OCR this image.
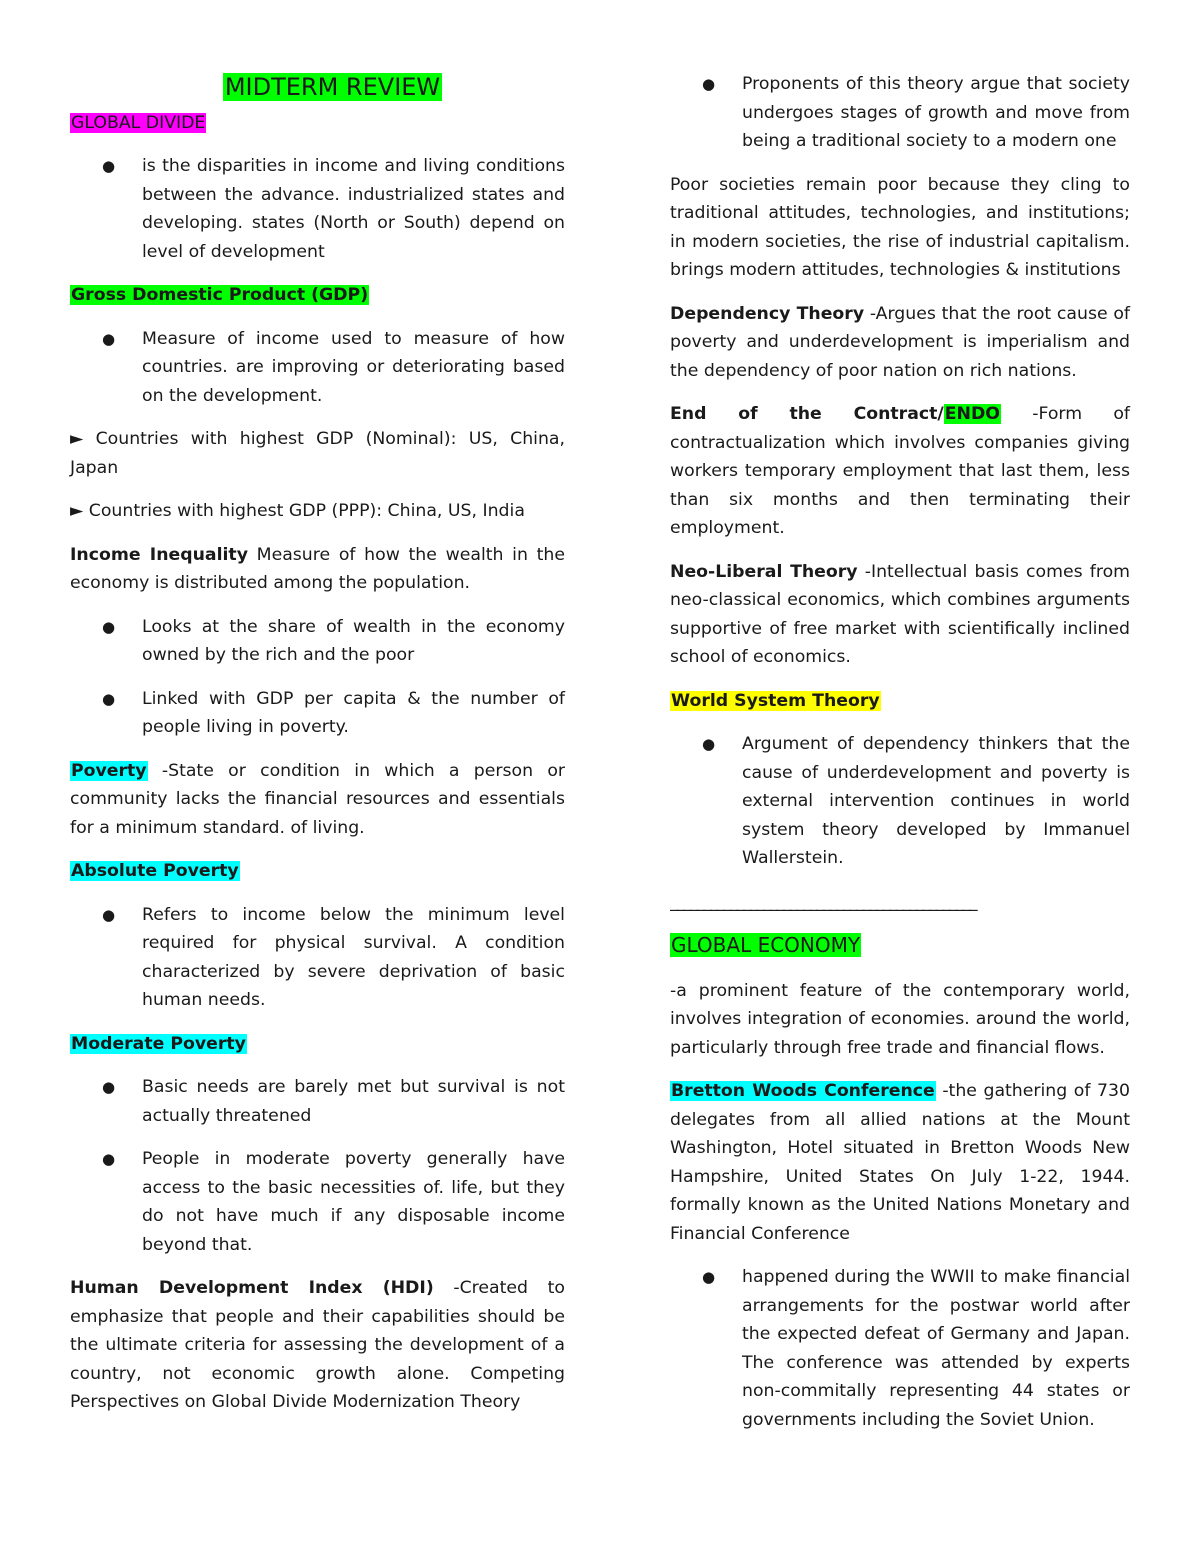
MIDTERM REVIEW
GLOBAL DIVIDE
● is the disparities in income and living conditions between the advance. industrialized states and developing. states (North or South) depend on level of development
Gross Domestic Product (GDP)
● Measure of income used to measure of how countries. are improving or deteriorating based on the development.

► Countries with highest GDP (Nominal): US, China, Japan

► Countries with highest GDP (PPP): China, US, India

Income Inequality Measure of how the wealth in the economy is distributed among the population.

● Looks at the share of wealth in the economy owned by the rich and the poor
● Linked with GDP per capita & the number of people living in poverty.

Poverty -State or condition in which a person or community lacks the financial resources and essentials for a minimum standard. of living.

Absolute Poverty
● Refers to income below the minimum level required for physical survival. A condition characterized by severe deprivation of basic human needs.
Moderate Poverty
● Basic needs are barely met but survival is not actually threatened
● People in moderate poverty generally have access to the basic necessities of. life, but they do not have much if any disposable income beyond that.

Human Development Index (HDI) -Created to emphasize that people and their capabilities should be the ultimate criteria for assessing the development of a country, not economic growth alone. Competing Perspectives on Global Divide Modernization Theory

● Proponents of this theory argue that society undergoes stages of growth and move from being a traditional society to a modern one

Poor societies remain poor because they cling to traditional attitudes, technologies, and institutions; in modern societies, the rise of industrial capitalism. brings modern attitudes, technologies & institutions

Dependency Theory -Argues that the root cause of poverty and underdevelopment is imperialism and the dependency of poor nation on rich nations.

End of the Contract/ENDO -Form of contractualization which involves companies giving workers temporary employment that last them, less than six months and then terminating their employment.

Neo-Liberal Theory -Intellectual basis comes from neo-classical economics, which combines arguments supportive of free market with scientifically inclined school of economics.

World System Theory
● Argument of dependency thinkers that the cause of underdevelopment and poverty is external intervention continues in world system theory developed by Immanuel Wallerstein.
______________________________________________
GLOBAL ECONOMY

-a prominent feature of the contemporary world, involves integration of economies. around the world, particularly through free trade and financial flows.

Bretton Woods Conference -the gathering of 730 delegates from all allied nations at the Mount Washington, Hotel situated in Bretton Woods New Hampshire, United States On July 1-22, 1944. formally known as the United Nations Monetary and Financial Conference

● happened during the WWII to make financial arrangements for the postwar world after the expected defeat of Germany and Japan. The conference was attended by experts non-commitally representing 44 states or governments including the Soviet Union.
